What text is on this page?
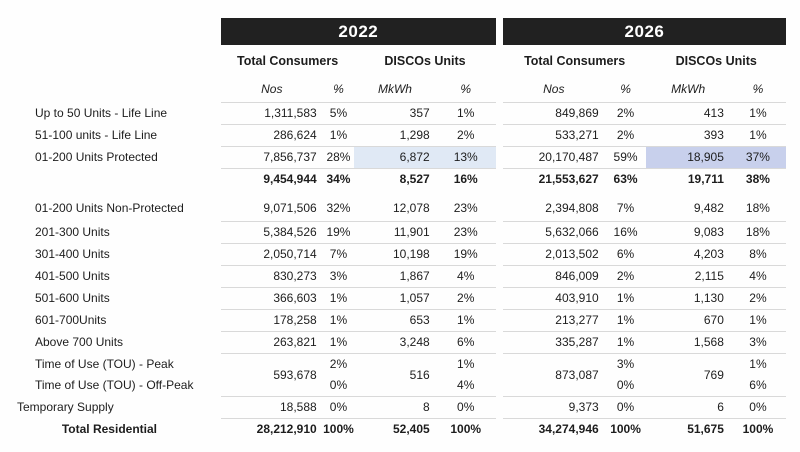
		2022					2026			
		Total Consumers		DISCOs Units			Total Consumers		DISCOs Units	
		Nos	%	MkWh	%		Nos	%	MkWh	%
Up to 50 Units - Life Line		1,311,583	5%	357	1%		849,869	2%	413	1%
51-100 units - Life Line		286,624	1%	1,298	2%		533,271	2%	393	1%
01-200 Units Protected		7,856,737	28%	6,872	13%		20,170,487	59%	18,905	37%
		9,454,944	34%	8,527	16%		21,553,627	63%	19,711	38%
01-200 Units Non-Protected		9,071,506	32%	12,078	23%		2,394,808	7%	9,482	18%
201-300 Units		5,384,526	19%	11,901	23%		5,632,066	16%	9,083	18%
301-400 Units		2,050,714	7%	10,198	19%		2,013,502	6%	4,203	8%
401-500 Units		830,273	3%	1,867	4%		846,009	2%	2,115	4%
501-600 Units		366,603	1%	1,057	2%		403,910	1%	1,130	2%
601-700Units		178,258	1%	653	1%		213,277	1%	670	1%
Above 700 Units		263,821	1%	3,248	6%		335,287	1%	1,568	3%
Time of Use (TOU) - Peak		593,678	2%	516	1%		873,087	3%	769	1%
Time of Use (TOU) - Off-Peak			0%		4%			0%		6%
Temporary Supply		18,588	0%	8	0%		9,373	0%	6	0%
Total Residential		28,212,910	100%	52,405	100%		34,274,946	100%	51,675	100%
